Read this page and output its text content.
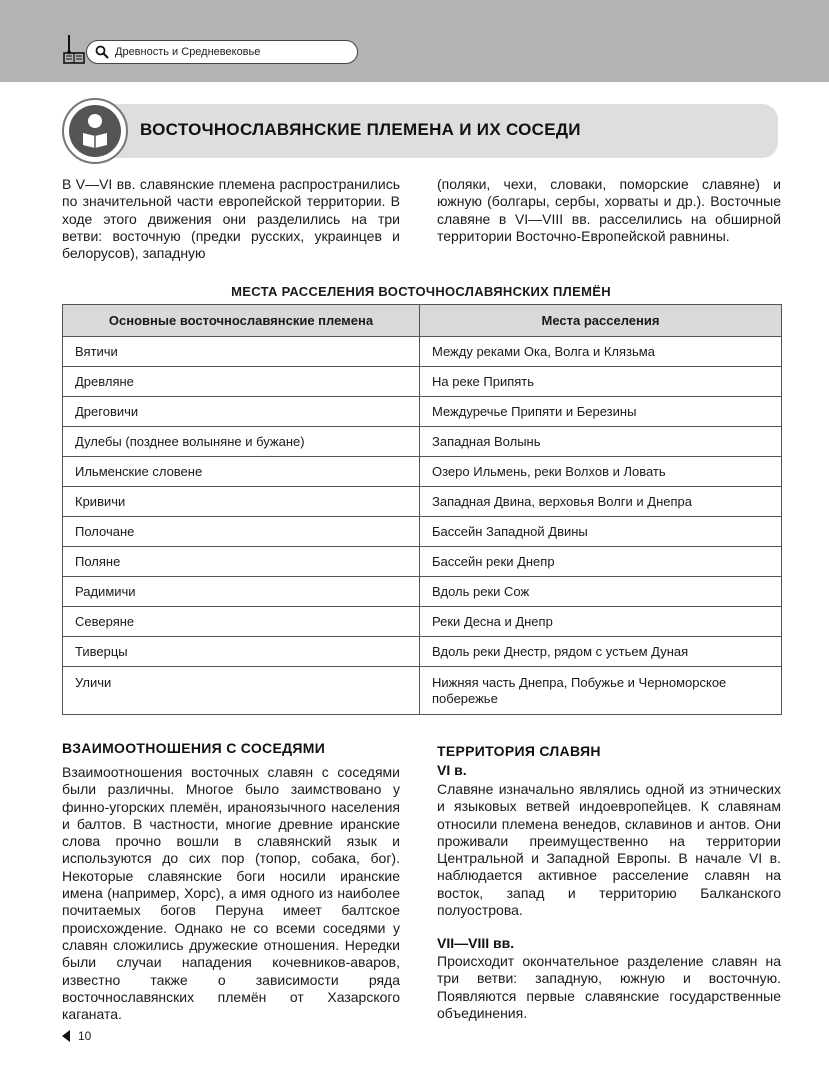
Древность и Средневековье
ВОСТОЧНОСЛАВЯНСКИЕ ПЛЕМЕНА И ИХ СОСЕДИ

В V—VI вв. славянские племена распространились по значительной части европейской территории. В ходе этого движения они разделились на три ветви: восточную (предки русских, украинцев и белорусов), западную

(поляки, чехи, словаки, поморские славяне) и южную (болгары, сербы, хорваты и др.). Восточные славяне в VI—VIII вв. расселились на обширной территории Восточно-Европейской равнины.

МЕСТА РАССЕЛЕНИЯ ВОСТОЧНОСЛАВЯНСКИХ ПЛЕМЁН
Основные восточнославянские племена	Места расселения
Вятичи	Между реками Ока, Волга и Клязьма
Древляне	На реке Припять
Дреговичи	Междуречье Припяти и Березины
Дулебы (позднее волыняне и бужане)	Западная Волынь
Ильменские словене	Озеро Ильмень, реки Волхов и Ловать
Кривичи	Западная Двина, верховья Волги и Днепра
Полочане	Бассейн Западной Двины
Поляне	Бассейн реки Днепр
Радимичи	Вдоль реки Сож
Северяне	Реки Десна и Днепр
Тиверцы	Вдоль реки Днестр, рядом с устьем Дуная
Уличи	Нижняя часть Днепра, Побужье и Черноморское побережье
ВЗАИМООТНОШЕНИЯ С СОСЕДЯМИ

Взаимоотношения восточных славян с соседями были различны. Многое было заимствовано у финно-угорских племён, ираноязычного населения и балтов. В частности, многие древние иранские слова прочно вошли в славянский язык и используются до сих пор (топор, собака, бог). Некоторые славянские боги носили иранские имена (например, Хорс), а имя одного из наиболее почитаемых богов Перуна имеет балтское происхождение. Однако не со всеми соседями у славян сложились дружеские отношения. Нередки были случаи нападения кочевников-аваров, известно также о зависимости ряда восточнославянских племён от Хазарского каганата.

ТЕРРИТОРИЯ СЛАВЯН
VI в.

Славяне изначально являлись одной из этнических и языковых ветвей индоевропейцев. К славянам относили племена венедов, склавинов и антов. Они проживали преимущественно на территории Центральной и Западной Европы. В начале VI в. наблюдается активное расселение славян на восток, запад и территорию Балканского полуострова.

VII—VIII вв.

Происходит окончательное разделение славян на три ветви: западную, южную и восточную. Появляются первые славянские государственные объединения.

10
